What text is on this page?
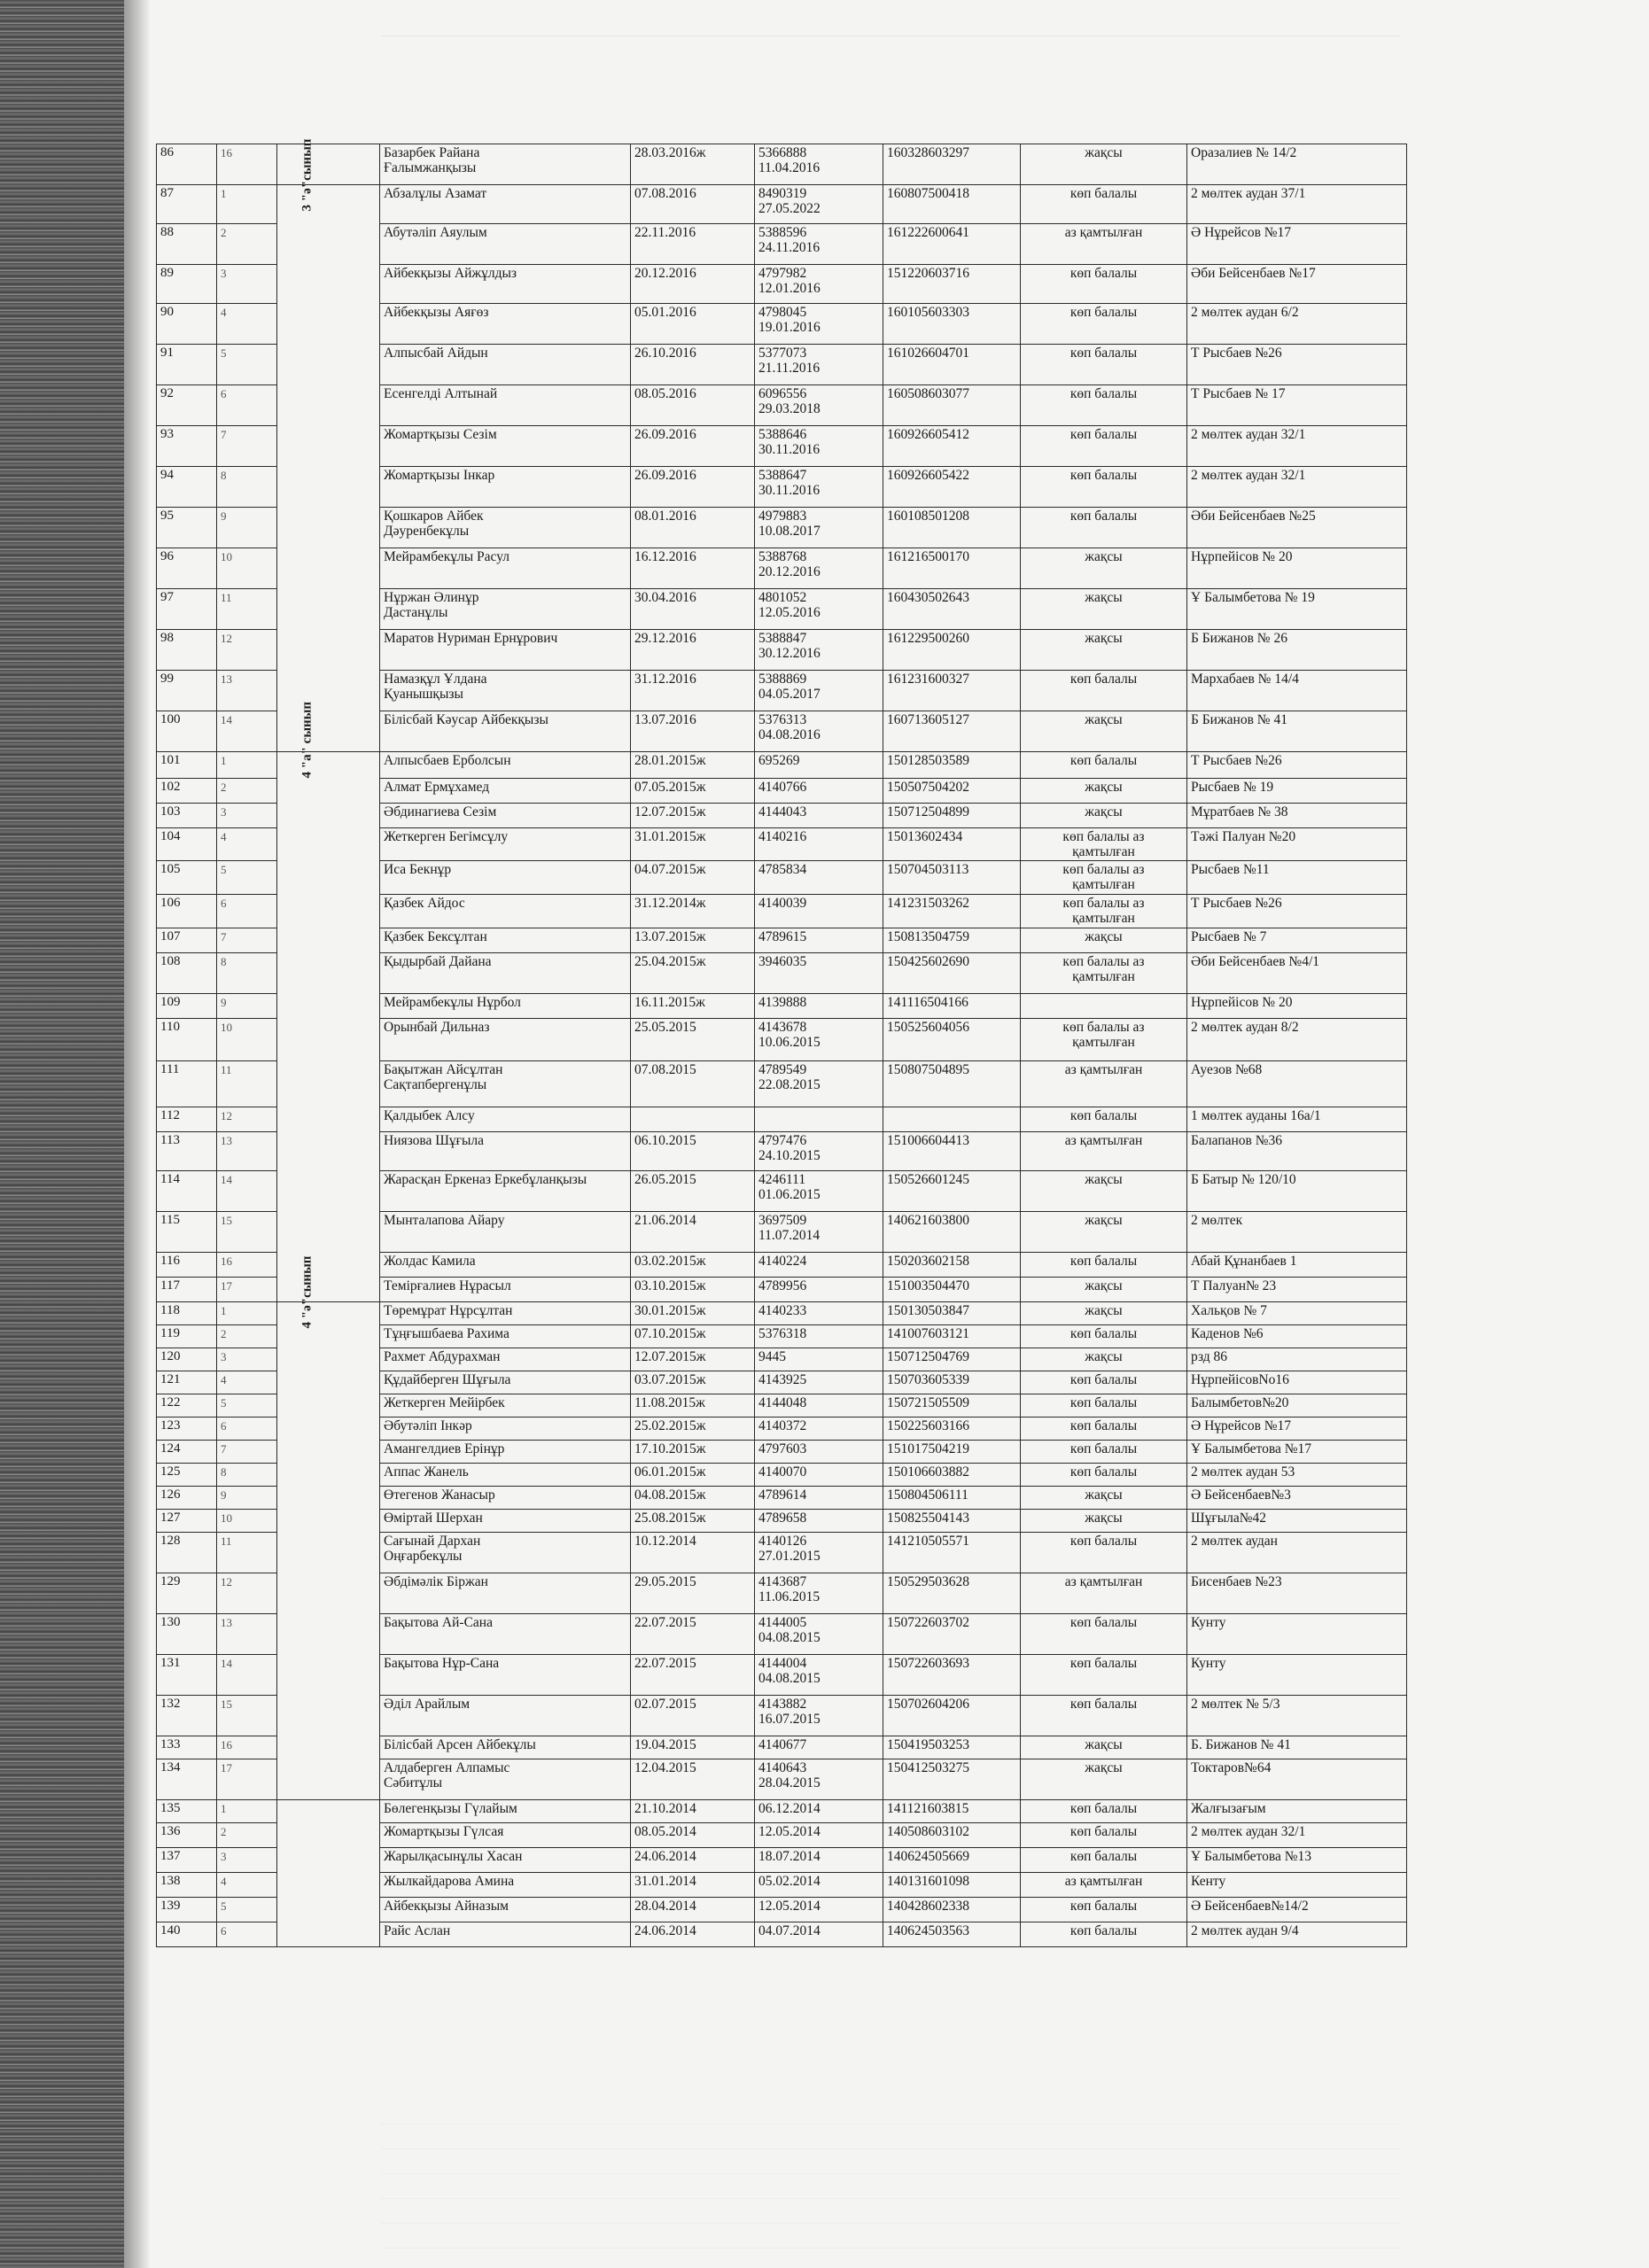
86	16		Базарбек Райана
Ғалымжанқызы	28.03.2016ж	5366888
11.04.2016	160328603297	жақсы	Оразалиев № 14/2
87	1	3 "ә"сынып	Абзалұлы Азамат	07.08.2016	8490319
27.05.2022	160807500418	көп балалы	2 мөлтек аудан 37/1
88	2		Абутәліп Аяулым	22.11.2016	5388596
24.11.2016	161222600641	аз қамтылған	Ә Нұрейсов №17
89	3		Айбекқызы Айжұлдыз	20.12.2016	4797982
12.01.2016	151220603716	көп балалы	Әби Бейсенбаев №17
90	4		Айбекқызы Аяғөз	05.01.2016	4798045
19.01.2016	160105603303	көп балалы	2 мөлтек аудан 6/2
91	5		Алпысбай Айдын	26.10.2016	5377073
21.11.2016	161026604701	көп балалы	Т Рысбаев №26
92	6		Есенгелді Алтынай	08.05.2016	6096556
29.03.2018	160508603077	көп балалы	Т Рысбаев № 17
93	7		Жомартқызы Сезім	26.09.2016	5388646
30.11.2016	160926605412	көп балалы	2 мөлтек аудан 32/1
94	8		Жомартқызы Інкар	26.09.2016	5388647
30.11.2016	160926605422	көп балалы	2 мөлтек аудан 32/1
95	9		Қошкаров Айбек
Дәуренбекұлы	08.01.2016	4979883
10.08.2017	160108501208	көп балалы	Әби Бейсенбаев №25
96	10		Мейрамбекұлы Расул	16.12.2016	5388768
20.12.2016	161216500170	жақсы	Нұрпейісов № 20
97	11		Нұржан Әлинұр
Дастанұлы	30.04.2016	4801052
12.05.2016	160430502643	жақсы	Ұ Балымбетова № 19
98	12		Маратов Нуриман Ернұрович	29.12.2016	5388847
30.12.2016	161229500260	жақсы	Б Бижанов № 26
99	13		Намазқұл Ұлдана
Қуанышқызы	31.12.2016	5388869
04.05.2017	161231600327	көп балалы	Мархабаев № 14/4
100	14		Білісбай Кәусар Айбекқызы	13.07.2016	5376313
04.08.2016	160713605127	жақсы	Б Бижанов № 41
101	1	4 "а" сынып	Алпысбаев Ерболсын	28.01.2015ж	695269	150128503589	көп балалы	Т Рысбаев №26
102	2		Алмат Ермұхамед	07.05.2015ж	4140766	150507504202	жақсы	Рысбаев № 19
103	3		Әбдинагиева Сезім	12.07.2015ж	4144043	150712504899	жақсы	Мұратбаев № 38
104	4		Жеткерген Бегімсұлу	31.01.2015ж	4140216	15013602434	көп балалы аз
қамтылған	Тәжі Палуан №20
105	5		Иса Бекнұр	04.07.2015ж	4785834	150704503113	көп балалы аз
қамтылған	Рысбаев №11
106	6		Қазбек Айдос	31.12.2014ж	4140039	141231503262	көп балалы аз
қамтылған	Т Рысбаев №26
107	7		Қазбек Бексұлтан	13.07.2015ж	4789615	150813504759	жақсы	Рысбаев № 7
108	8		Қыдырбай Дайана	25.04.2015ж	3946035	150425602690	көп балалы аз
қамтылған	Әби Бейсенбаев №4/1
109	9		Мейрамбекұлы Нұрбол	16.11.2015ж	4139888	141116504166		Нұрпейісов № 20
110	10		Орынбай Дильназ	25.05.2015	4143678
10.06.2015	150525604056	көп балалы аз
қамтылған	2 мөлтек аудан 8/2
111	11		Бақытжан Айсұлтан
Сақтапбергенұлы	07.08.2015	4789549
22.08.2015	150807504895	аз қамтылған	Ауезов №68
112	12		Қалдыбек Алсу				көп балалы	1 мөлтек ауданы 16а/1
113	13		Ниязова Шұғыла	06.10.2015	4797476
24.10.2015	151006604413	аз қамтылған	Балапанов №36
114	14		Жарасқан Еркеназ Еркебұланқызы	26.05.2015	4246111
01.06.2015	150526601245	жақсы	Б Батыр № 120/10
115	15		Мынталапова Айару	21.06.2014	3697509
11.07.2014	140621603800	жақсы	2 мөлтек
116	16		Жолдас Камила	03.02.2015ж	4140224	150203602158	көп балалы	Абай Құнанбаев 1
117	17		Темірғалиев Нұрасыл	03.10.2015ж	4789956	151003504470	жақсы	Т Палуан№ 23
118	1	4 "ә"сынып	Төремұрат Нұрсұлтан	30.01.2015ж	4140233	150130503847	жақсы	Хальқов № 7
119	2		Тұңғышбаева Рахима	07.10.2015ж	5376318	141007603121	көп балалы	Каденов №6
120	3		Рахмет Абдурахман	12.07.2015ж	9445	150712504769	жақсы	рзд 86
121	4		Құдайберген Шұғыла	03.07.2015ж	4143925	150703605339	көп балалы	НұрпейісовNo16
122	5		Жеткерген Мейірбек	11.08.2015ж	4144048	150721505509	көп балалы	Балымбетов№20
123	6		Әбутәліп Інкәр	25.02.2015ж	4140372	150225603166	көп балалы	Ә Нұрейсов №17
124	7		Амангелдиев Ерінұр	17.10.2015ж	4797603	151017504219	көп балалы	Ұ Балымбетова №17
125	8		Аппас Жанель	06.01.2015ж	4140070	150106603882	көп балалы	2 мөлтек аудан 53
126	9		Өтегенов Жанасыр	04.08.2015ж	4789614	150804506111	жақсы	Ә Бейсенбаев№3
127	10		Өміртай Шерхан	25.08.2015ж	4789658	150825504143	жақсы	Шұғыла№42
128	11		Сағынай Дархан
Оңғарбекұлы	10.12.2014	4140126
27.01.2015	141210505571	көп балалы	2 мөлтек аудан
129	12		Әбдімәлік Біржан	29.05.2015	4143687
11.06.2015	150529503628	аз қамтылған	Бисенбаев №23
130	13		Бақытова Ай-Сана	22.07.2015	4144005
04.08.2015	150722603702	көп балалы	Кунту
131	14		Бақытова Нұр-Сана	22.07.2015	4144004
04.08.2015	150722603693	көп балалы	Кунту
132	15		Әділ Арайлым	02.07.2015	4143882
16.07.2015	150702604206	көп балалы	2 мөлтек № 5/3
133	16		Білісбай Арсен Айбекұлы	19.04.2015	4140677	150419503253	жақсы	Б. Бижанов № 41
134	17		Алдаберген Алпамыс
Сәбитұлы	12.04.2015	4140643
28.04.2015	150412503275	жақсы	Токтаров№64
135	1		Бөлегенқызы Гүлайым	21.10.2014	06.12.2014	141121603815	көп балалы	Жалғызағым
136	2		Жомартқызы Гүлсая	08.05.2014	12.05.2014	140508603102	көп балалы	2 мөлтек аудан 32/1
137	3		Жарылқасынұлы Хасан	24.06.2014	18.07.2014	140624505669	көп балалы	Ұ Балымбетова №13
138	4		Жылкайдарова Амина	31.01.2014	05.02.2014	140131601098	аз қамтылған	Кенту
139	5		Айбекқызы Айназым	28.04.2014	12.05.2014	140428602338	көп балалы	Ә Бейсенбаев№14/2
140	6		Райс Аслан	24.06.2014	04.07.2014	140624503563	көп балалы	2 мөлтек аудан 9/4
